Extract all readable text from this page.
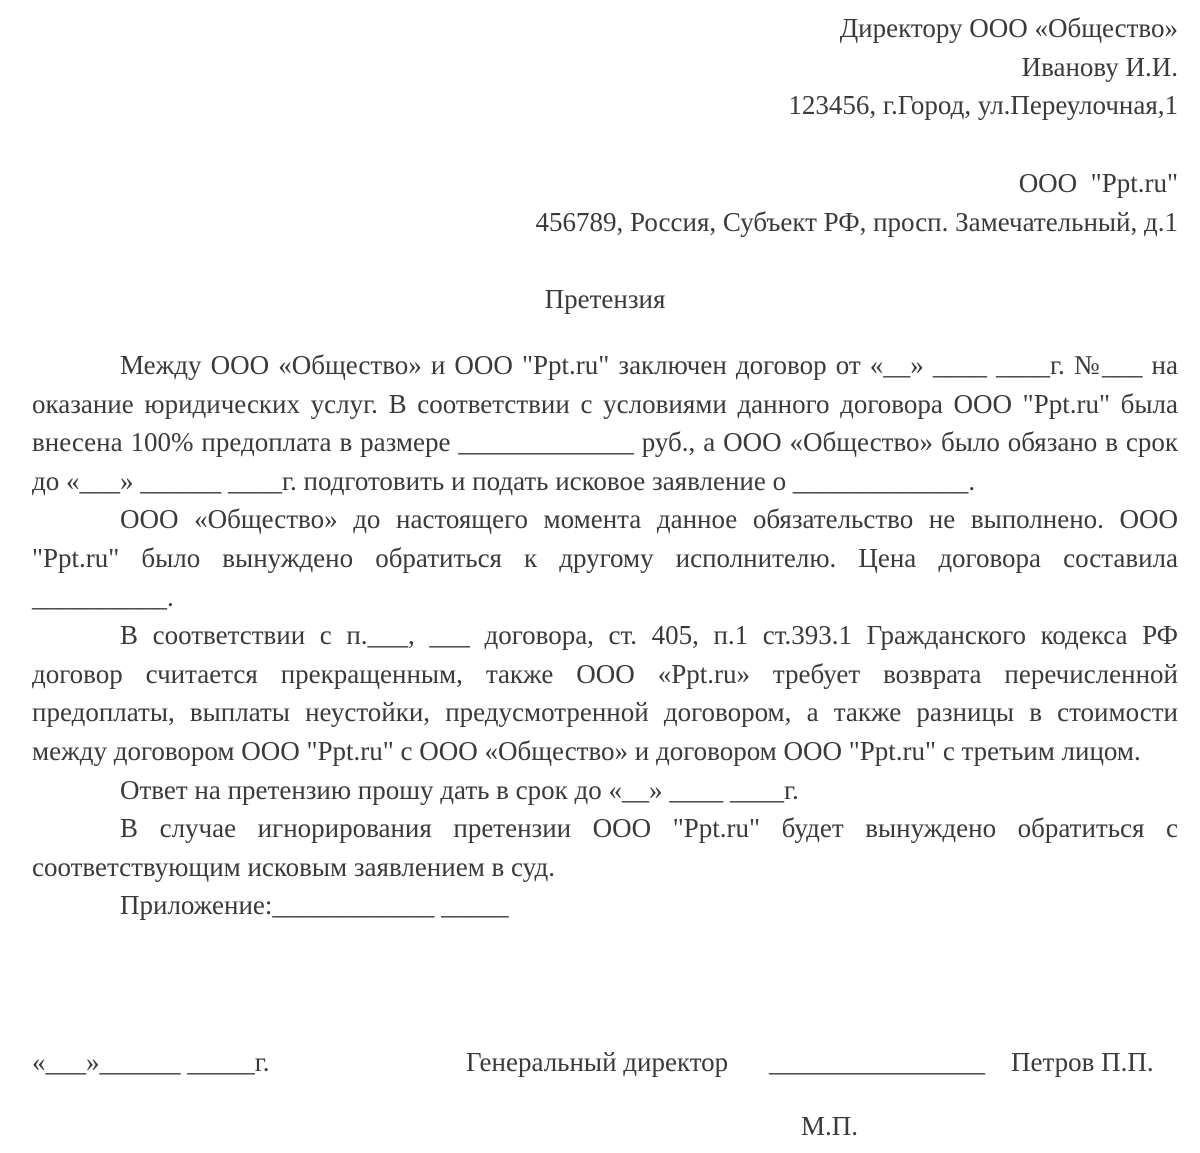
Директору ООО «Общество»
Иванову И.И.
123456, г.Город, ул.Переулочная,1
ООО  "Ppt.ru"
456789, Россия, Субъект РФ, просп. Замечательный, д.1
Претензия

Между ООО «Общество» и ООО "Ppt.ru" заключен договор от «__» ____ ____г. №___ на оказание юридических услуг. В соответствии с условиями данного договора ООО "Ppt.ru" была внесена 100% предоплата в размере _____________ руб., а ООО «Общество» было обязано в срок до «___» ______ ____г. подготовить и подать исковое заявление о _____________.

ООО «Общество» до настоящего момента данное обязательство не выполнено. ООО "Ppt.ru" было вынуждено обратиться к другому исполнителю. Цена договора составила __________.

В соответствии с п.___, ___ договора, ст. 405, п.1 ст.393.1 Гражданского кодекса РФ договор считается прекращенным, также ООО «Ppt.ru» требует возврата перечисленной предоплаты, выплаты неустойки, предусмотренной договором, а также разницы в стоимости между договором ООО "Ppt.ru" с ООО «Общество» и договором ООО "Ppt.ru" с третьим лицом.

Ответ на претензию прошу дать в срок до «__» ____ ____г.

В случае игнорирования претензии ООО "Ppt.ru" будет вынуждено обратиться с соответствующим исковым заявлением в суд.

Приложение:____________ _____

«___»______ _____г.	Генеральный директор ________________ Петров П.П.
М.П.
